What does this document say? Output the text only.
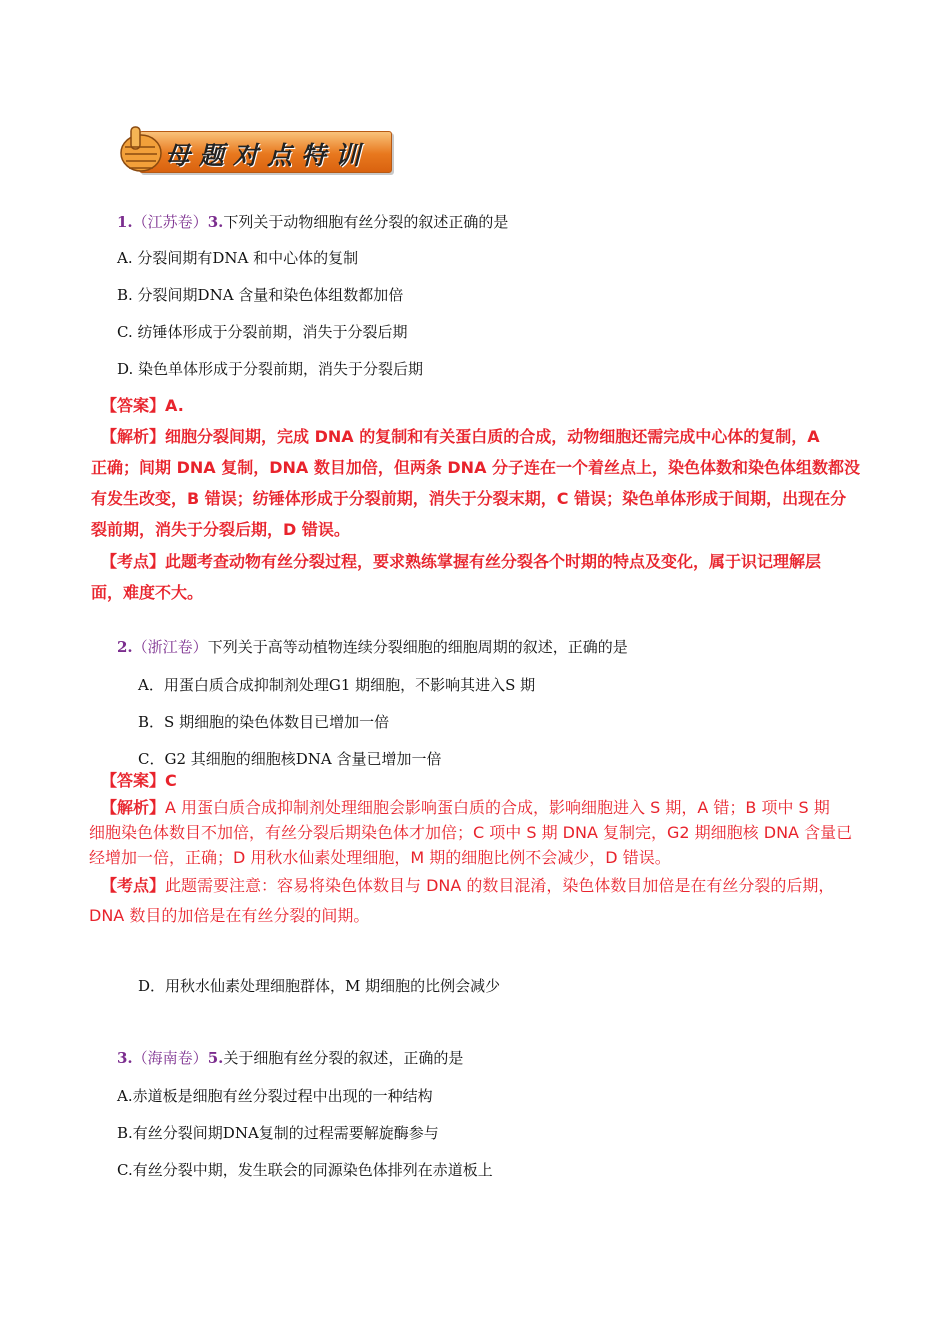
母题对点特训
1.（江苏卷）3.下列关于动物细胞有丝分裂的叙述正确的是
A. 分裂间期有DNA 和中心体的复制
B. 分裂间期DNA 含量和染色体组数都加倍
C. 纺锤体形成于分裂前期，消失于分裂后期
D. 染色单体形成于分裂前期，消失于分裂后期
【答案】A.
【解析】细胞分裂间期，完成 DNA 的复制和有关蛋白质的合成，动物细胞还需完成中心体的复制，A
正确；间期 DNA 复制，DNA 数目加倍，但两条 DNA 分子连在一个着丝点上，染色体数和染色体组数都没
有发生改变，B 错误；纺锤体形成于分裂前期，消失于分裂末期，C 错误；染色单体形成于间期，出现在分
裂前期，消失于分裂后期，D 错误。
【考点】此题考查动物有丝分裂过程，要求熟练掌握有丝分裂各个时期的特点及变化，属于识记理解层
面，难度不大。
2.（浙江卷）下列关于高等动植物连续分裂细胞的细胞周期的叙述，正确的是
A．用蛋白质合成抑制剂处理G1 期细胞，不影响其进入S 期
B．S 期细胞的染色体数目已增加一倍
C．G2 其细胞的细胞核DNA 含量已增加一倍
【答案】C
【解析】A 用蛋白质合成抑制剂处理细胞会影响蛋白质的合成，影响细胞进入 S 期，A 错；B 项中 S 期
细胞染色体数目不加倍，有丝分裂后期染色体才加倍；C 项中 S 期 DNA 复制完，G2 期细胞核 DNA 含量已
经增加一倍，正确；D 用秋水仙素处理细胞，M 期的细胞比例不会减少，D 错误。
【考点】此题需要注意：容易将染色体数目与 DNA 的数目混淆，染色体数目加倍是在有丝分裂的后期，
DNA 数目的加倍是在有丝分裂的间期。
D．用秋水仙素处理细胞群体，M 期细胞的比例会减少
3.（海南卷）5.关于细胞有丝分裂的叙述，正确的是
A.赤道板是细胞有丝分裂过程中出现的一种结构
B.有丝分裂间期DNA复制的过程需要解旋酶参与
C.有丝分裂中期，发生联会的同源染色体排列在赤道板上
